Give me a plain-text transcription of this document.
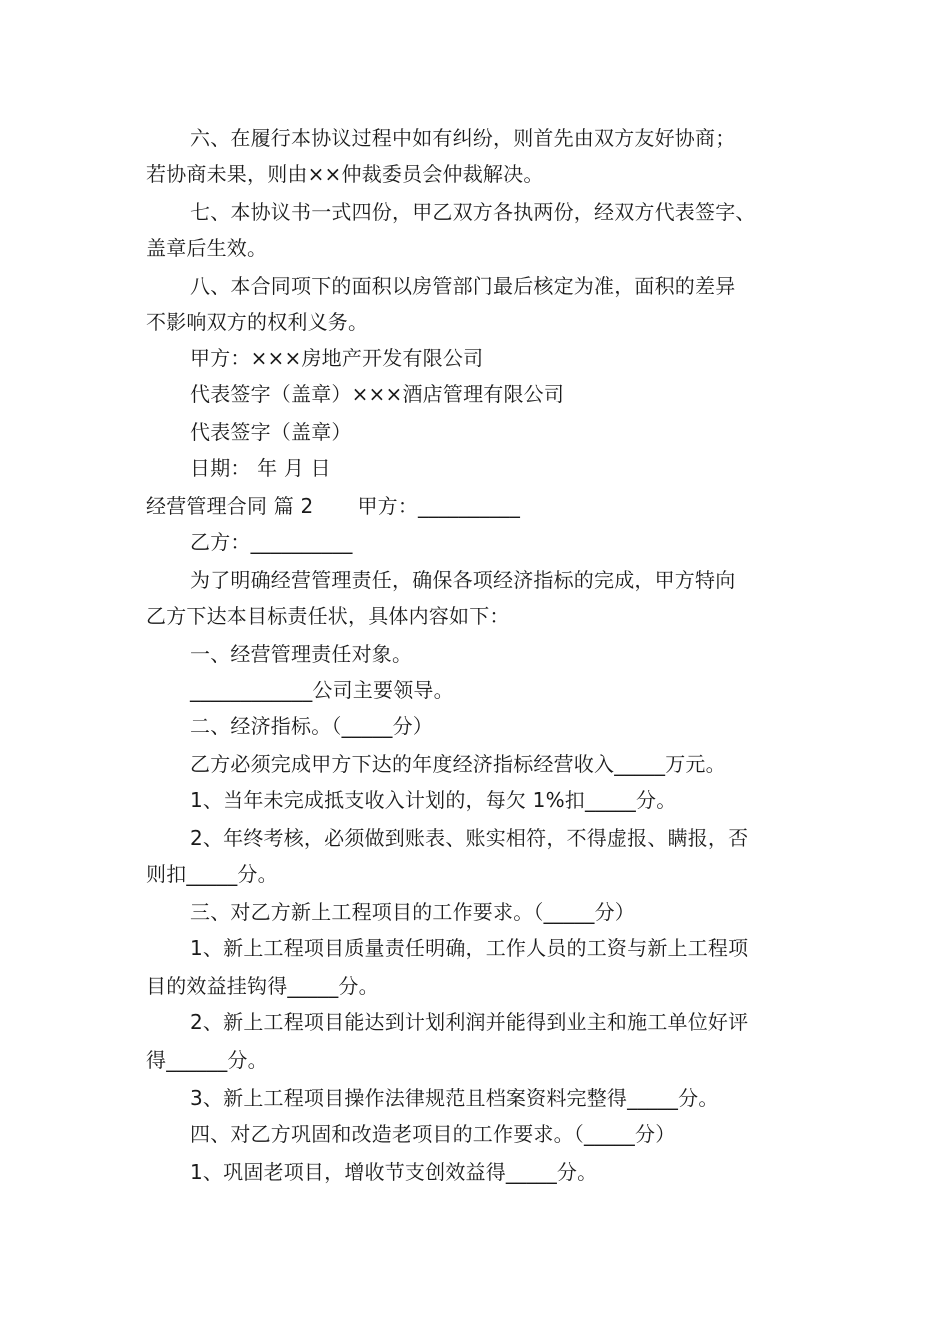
六、在履行本协议过程中如有纠纷，则首先由双方友好协商；
若协商未果，则由××仲裁委员会仲裁解决。
七、本协议书一式四份，甲乙双方各执两份，经双方代表签字、
盖章后生效。
八、本合同项下的面积以房管部门最后核定为准，面积的差异
不影响双方的权利义务。
甲方：×××房地产开发有限公司
代表签字（盖章）×××酒店管理有限公司
代表签字（盖章）
日期： 年 月 日
经营管理合同 篇 2 甲方：__________
乙方：__________
为了明确经营管理责任，确保各项经济指标的完成，甲方特向
乙方下达本目标责任状，具体内容如下：
一、经营管理责任对象。
____________公司主要领导。
二、经济指标。（_____分）
乙方必须完成甲方下达的年度经济指标经营收入_____万元。
1、当年未完成抵支收入计划的，每欠 1%扣_____分。
2、年终考核，必须做到账表、账实相符，不得虚报、瞒报，否
则扣_____分。
三、对乙方新上工程项目的工作要求。（_____分）
1、新上工程项目质量责任明确，工作人员的工资与新上工程项
目的效益挂钩得_____分。
2、新上工程项目能达到计划利润并能得到业主和施工单位好评
得______分。
3、新上工程项目操作法律规范且档案资料完整得_____分。
四、对乙方巩固和改造老项目的工作要求。（_____分）
1、巩固老项目，增收节支创效益得_____分。
